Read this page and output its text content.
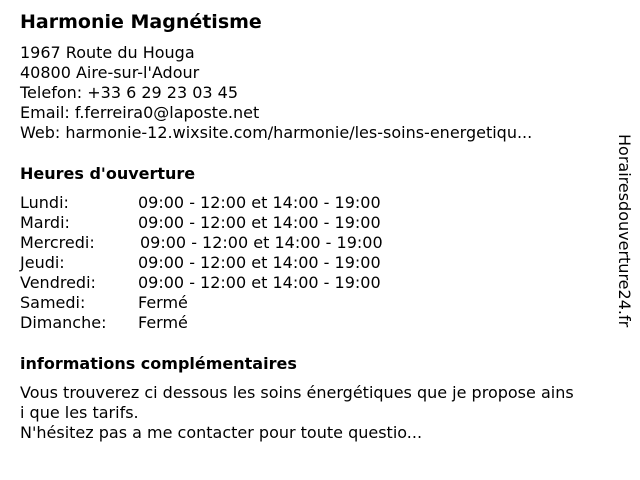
Harmonie Magnétisme
1967 Route du Houga
40800 Aire-sur-l'Adour
Telefon: +33 6 29 23 03 45
Email: f.ferreira0@laposte.net
Web: harmonie-12.wixsite.com/harmonie/les-soins-energetiqu...
Heures d'ouverture
Lundi:	09:00 - 12:00 et 14:00 - 19:00
Mardi:	09:00 - 12:00 et 14:00 - 19:00
Mercredi:	09:00 - 12:00 et 14:00 - 19:00
Jeudi:	09:00 - 12:00 et 14:00 - 19:00
Vendredi:	09:00 - 12:00 et 14:00 - 19:00
Samedi:	Fermé
Dimanche: Fermé
informations complémentaires
Vous trouverez ci dessous les soins énergétiques que je propose ains
i que les tarifs.
N'hésitez pas a me contacter pour toute questio...
Horairesdouverture24.fr
